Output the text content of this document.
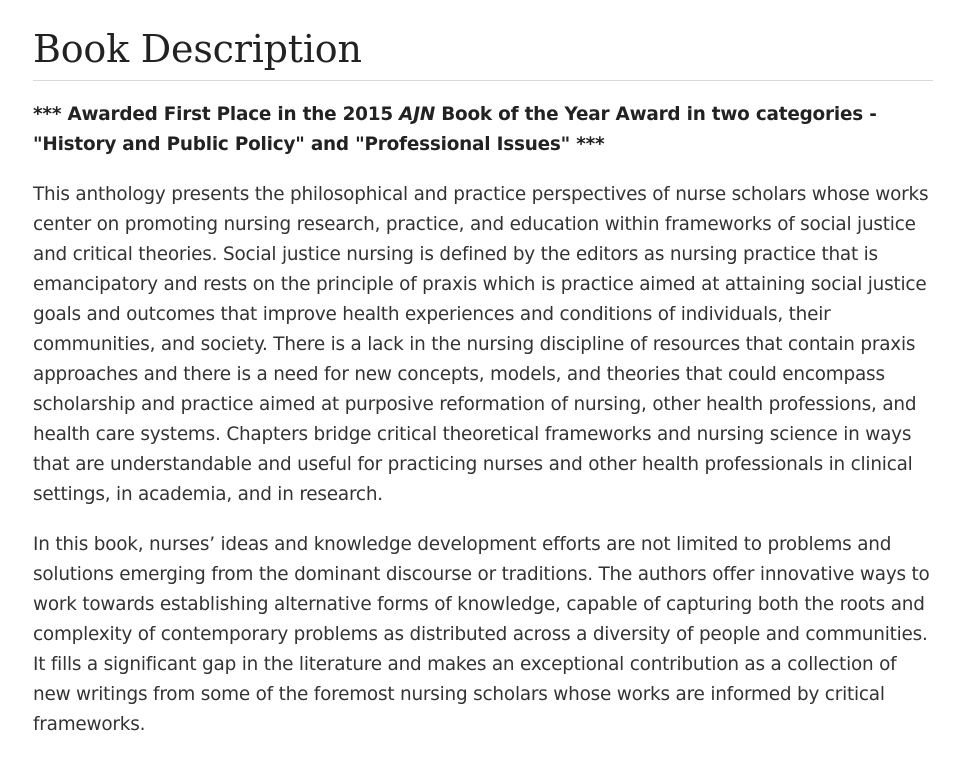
Book Description

*** Awarded First Place in the 2015 AJN Book of the Year Award in two categories - "History and Public Policy" and "Professional Issues" ***

This anthology presents the philosophical and practice perspectives of nurse scholars whose works center on promoting nursing research, practice, and education within frameworks of social justice and critical theories. Social justice nursing is defined by the editors as nursing practice that is emancipatory and rests on the principle of praxis which is practice aimed at attaining social justice goals and outcomes that improve health experiences and conditions of individuals, their communities, and society. There is a lack in the nursing discipline of resources that contain praxis approaches and there is a need for new concepts, models, and theories that could encompass scholarship and practice aimed at purposive reformation of nursing, other health professions, and health care systems. Chapters bridge critical theoretical frameworks and nursing science in ways that are understandable and useful for practicing nurses and other health professionals in clinical settings, in academia, and in research.

In this book, nurses’ ideas and knowledge development efforts are not limited to problems and solutions emerging from the dominant discourse or traditions. The authors offer innovative ways to work towards establishing alternative forms of knowledge, capable of capturing both the roots and complexity of contemporary problems as distributed across a diversity of people and communities. It fills a significant gap in the literature and makes an exceptional contribution as a collection of new writings from some of the foremost nursing scholars whose works are informed by critical frameworks.
